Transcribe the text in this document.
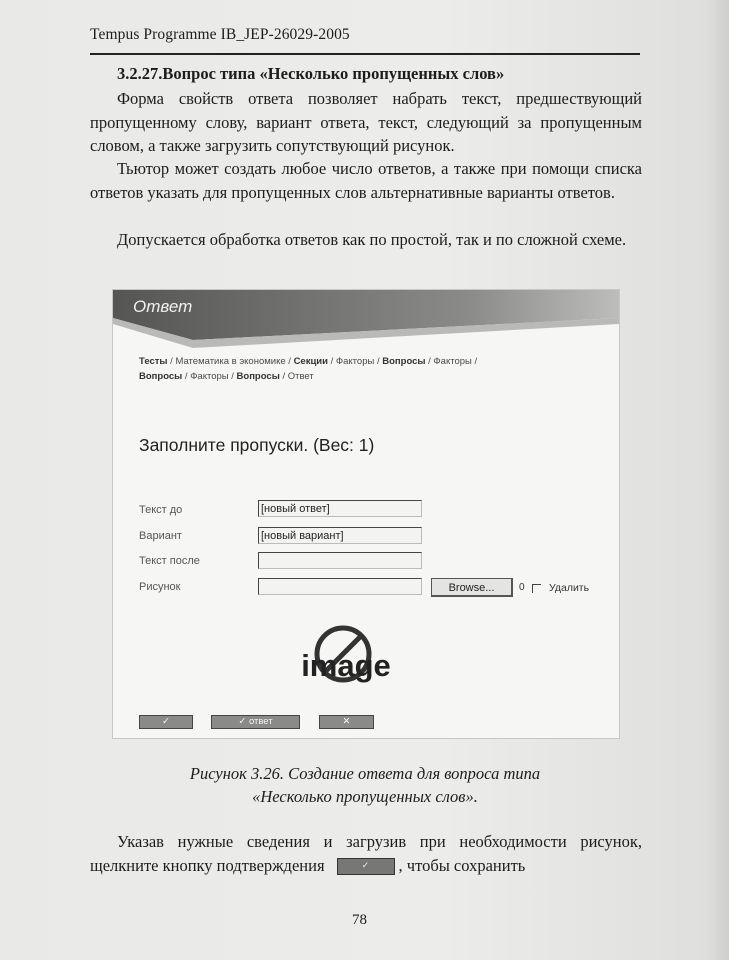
Tempus Programme IB_JEP-26029-2005
3.2.27.Вопрос типа «Несколько пропущенных слов»

Форма свойств ответа позволяет набрать текст, предшествующий пропущенному слову, вариант ответа, текст, следующий за пропущенным словом, а также загрузить сопутствующий рисунок.

Тьютор может создать любое число ответов, а также при помощи списка ответов указать для пропущенных слов альтернативные варианты ответов.

Допускается обработка ответов как по простой, так и по сложной схеме.

Ответ
Тесты / Математика в экономике / Секции / Факторы / Вопросы / Факторы /
Вопросы / Факторы / Вопросы / Ответ
Заполните пропуски. (Вес: 1)
Текст до	[новый ответ]
Вариант	[новый вариант]
Текст после
Рисунок	Browse...	0 Удалить
image
✓	✓ ответ	✕
Рисунок 3.26. Создание ответа для вопроса типа
«Несколько пропущенных слов».

Указав нужные сведения и загрузив при необходимости рисунок, щелкните кнопку подтверждения	✓ , чтобы сохранить

78
